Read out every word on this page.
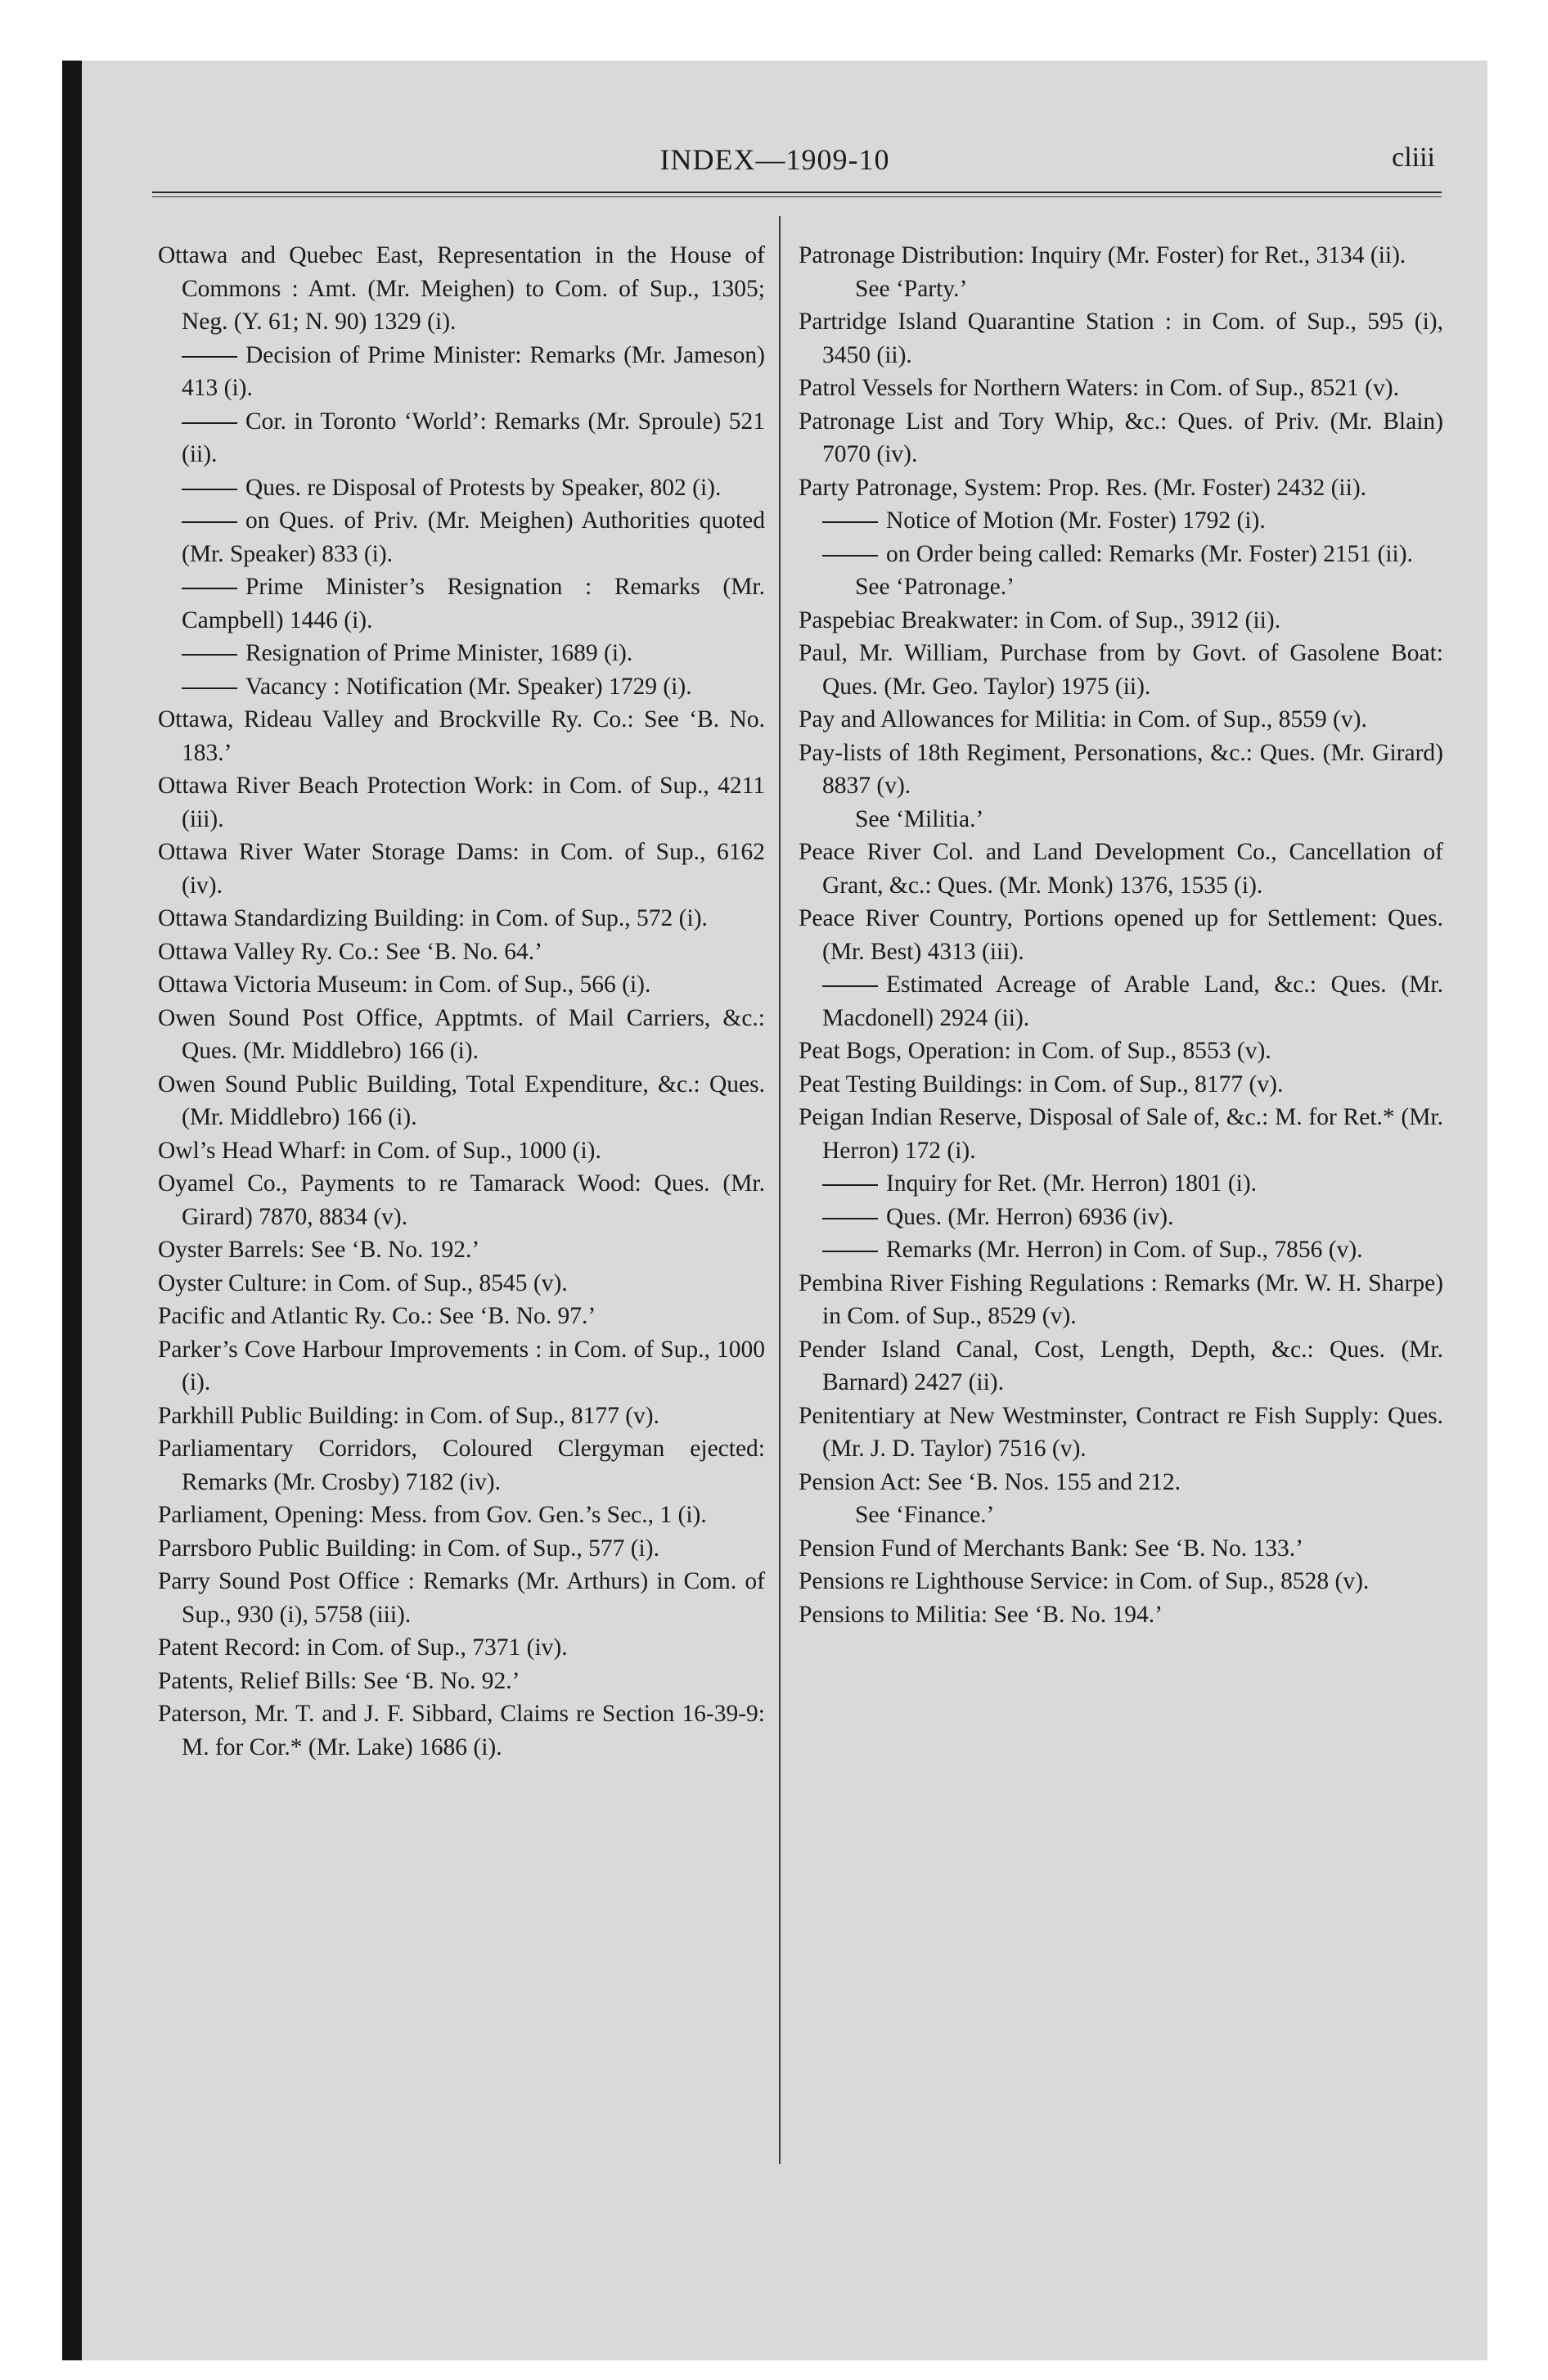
INDEX—1909-10	cliii

Ottawa and Quebec East, Representation in the House of Commons : Amt. (Mr. Meighen) to Com. of Sup., 1305; Neg. (Y. 61; N. 90) 1329 (i).

Decision of Prime Minister: Remarks (Mr. Jameson) 413 (i).

Cor. in Toronto ‘World’: Remarks (Mr. Sproule) 521 (ii).

Ques. re Disposal of Protests by Speaker, 802 (i).

on Ques. of Priv. (Mr. Meighen) Authorities quoted (Mr. Speaker) 833 (i).

Prime Minister’s Resignation : Remarks (Mr. Campbell) 1446 (i).

Resignation of Prime Minister, 1689 (i).

Vacancy : Notification (Mr. Speaker) 1729 (i).

Ottawa, Rideau Valley and Brockville Ry. Co.: See ‘B. No. 183.’

Ottawa River Beach Protection Work: in Com. of Sup., 4211 (iii).

Ottawa River Water Storage Dams: in Com. of Sup., 6162 (iv).

Ottawa Standardizing Building: in Com. of Sup., 572 (i).

Ottawa Valley Ry. Co.: See ‘B. No. 64.’

Ottawa Victoria Museum: in Com. of Sup., 566 (i).

Owen Sound Post Office, Apptmts. of Mail Carriers, &c.: Ques. (Mr. Middlebro) 166 (i).

Owen Sound Public Building, Total Expenditure, &c.: Ques. (Mr. Middlebro) 166 (i).

Owl’s Head Wharf: in Com. of Sup., 1000 (i).

Oyamel Co., Payments to re Tamarack Wood: Ques. (Mr. Girard) 7870, 8834 (v).

Oyster Barrels: See ‘B. No. 192.’

Oyster Culture: in Com. of Sup., 8545 (v).

Pacific and Atlantic Ry. Co.: See ‘B. No. 97.’

Parker’s Cove Harbour Improvements : in Com. of Sup., 1000 (i).

Parkhill Public Building: in Com. of Sup., 8177 (v).

Parliamentary Corridors, Coloured Clergyman ejected: Remarks (Mr. Crosby) 7182 (iv).

Parliament, Opening: Mess. from Gov. Gen.’s Sec., 1 (i).

Parrsboro Public Building: in Com. of Sup., 577 (i).

Parry Sound Post Office : Remarks (Mr. Arthurs) in Com. of Sup., 930 (i), 5758 (iii).

Patent Record: in Com. of Sup., 7371 (iv).

Patents, Relief Bills: See ‘B. No. 92.’

Paterson, Mr. T. and J. F. Sibbard, Claims re Section 16-39-9: M. for Cor.* (Mr. Lake) 1686 (i).

Patronage Distribution: Inquiry (Mr. Foster) for Ret., 3134 (ii).

See ‘Party.’

Partridge Island Quarantine Station : in Com. of Sup., 595 (i), 3450 (ii).

Patrol Vessels for Northern Waters: in Com. of Sup., 8521 (v).

Patronage List and Tory Whip, &c.: Ques. of Priv. (Mr. Blain) 7070 (iv).

Party Patronage, System: Prop. Res. (Mr. Foster) 2432 (ii).

Notice of Motion (Mr. Foster) 1792 (i).

on Order being called: Remarks (Mr. Foster) 2151 (ii).

See ‘Patronage.’

Paspebiac Breakwater: in Com. of Sup., 3912 (ii).

Paul, Mr. William, Purchase from by Govt. of Gasolene Boat: Ques. (Mr. Geo. Taylor) 1975 (ii).

Pay and Allowances for Militia: in Com. of Sup., 8559 (v).

Pay-lists of 18th Regiment, Personations, &c.: Ques. (Mr. Girard) 8837 (v).

See ‘Militia.’

Peace River Col. and Land Development Co., Cancellation of Grant, &c.: Ques. (Mr. Monk) 1376, 1535 (i).

Peace River Country, Portions opened up for Settlement: Ques. (Mr. Best) 4313 (iii).

Estimated Acreage of Arable Land, &c.: Ques. (Mr. Macdonell) 2924 (ii).

Peat Bogs, Operation: in Com. of Sup., 8553 (v).

Peat Testing Buildings: in Com. of Sup., 8177 (v).

Peigan Indian Reserve, Disposal of Sale of, &c.: M. for Ret.* (Mr. Herron) 172 (i).

Inquiry for Ret. (Mr. Herron) 1801 (i).

Ques. (Mr. Herron) 6936 (iv).

Remarks (Mr. Herron) in Com. of Sup., 7856 (v).

Pembina River Fishing Regulations : Remarks (Mr. W. H. Sharpe) in Com. of Sup., 8529 (v).

Pender Island Canal, Cost, Length, Depth, &c.: Ques. (Mr. Barnard) 2427 (ii).

Penitentiary at New Westminster, Contract re Fish Supply: Ques. (Mr. J. D. Taylor) 7516 (v).

Pension Act: See ‘B. Nos. 155 and 212.

See ‘Finance.’

Pension Fund of Merchants Bank: See ‘B. No. 133.’

Pensions re Lighthouse Service: in Com. of Sup., 8528 (v).

Pensions to Militia: See ‘B. No. 194.’
